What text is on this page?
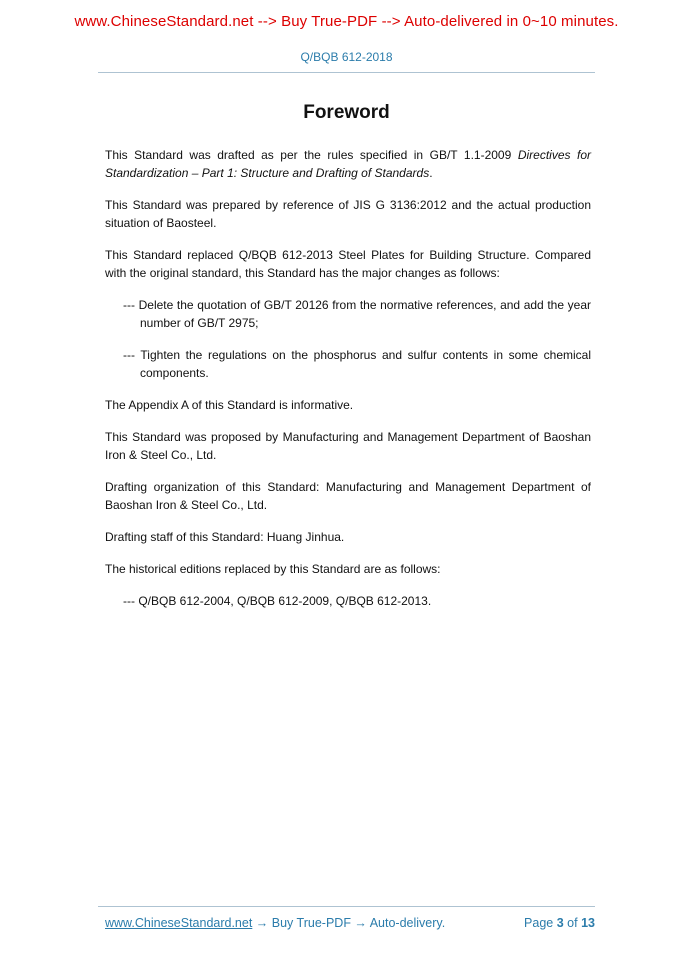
www.ChineseStandard.net --> Buy True-PDF --> Auto-delivered in 0~10 minutes.
Q/BQB 612-2018
Foreword

This Standard was drafted as per the rules specified in GB/T 1.1-2009 Directives for Standardization – Part 1: Structure and Drafting of Standards.

This Standard was prepared by reference of JIS G 3136:2012 and the actual production situation of Baosteel.

This Standard replaced Q/BQB 612-2013 Steel Plates for Building Structure. Compared with the original standard, this Standard has the major changes as follows:

--- Delete the quotation of GB/T 20126 from the normative references, and add the year number of GB/T 2975;

--- Tighten the regulations on the phosphorus and sulfur contents in some chemical components.

The Appendix A of this Standard is informative.

This Standard was proposed by Manufacturing and Management Department of Baoshan Iron & Steel Co., Ltd.

Drafting organization of this Standard: Manufacturing and Management Department of Baoshan Iron & Steel Co., Ltd.

Drafting staff of this Standard: Huang Jinhua.

The historical editions replaced by this Standard are as follows:

--- Q/BQB 612-2004, Q/BQB 612-2009, Q/BQB 612-2013.

www.ChineseStandard.net → Buy True-PDF → Auto-delivery.	Page 3 of 13
